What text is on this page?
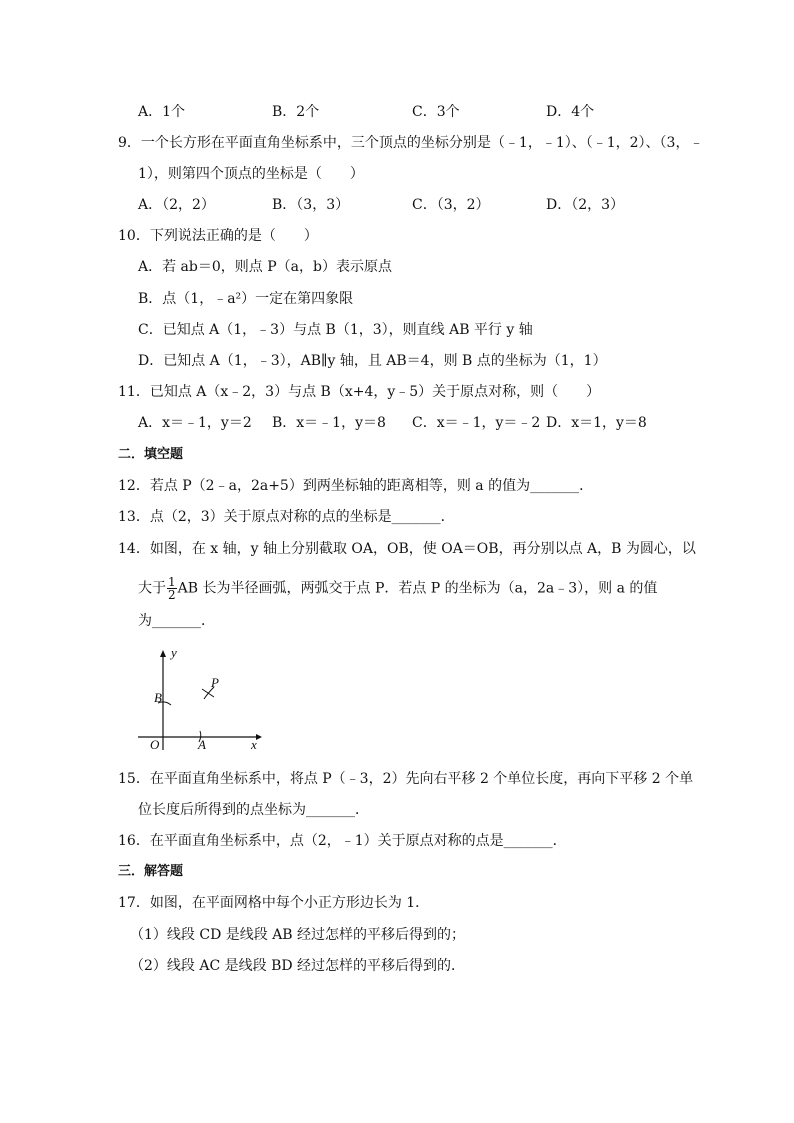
A．1个	B．2个	C．3个	D．4个
9．一个长方形在平面直角坐标系中，三个顶点的坐标分别是（﹣1，﹣1）、（﹣1，2）、（3，﹣
1），则第四个顶点的坐标是（　　）
A．（2，2）	B．（3，3）	C．（3，2）	D．（2，3）
10．下列说法正确的是（　　）
A．若 ab＝0，则点 P（a，b）表示原点
B．点（1，﹣a²）一定在第四象限
C．已知点 A（1，﹣3）与点 B（1，3），则直线 AB 平行 y 轴
D．已知点 A（1，﹣3），AB∥y 轴，且 AB＝4，则 B 点的坐标为（1，1）
11．已知点 A（x﹣2，3）与点 B（x+4，y﹣5）关于原点对称，则（　　）
A．x＝﹣1，y＝2 B．x＝﹣1，y＝8 C．x＝﹣1，y＝﹣2 D．x＝1，y＝8
二．填空题
12．若点 P（2﹣a，2a+5）到两坐标轴的距离相等，则 a 的值为_______．
13．点（2，3）关于原点对称的点的坐标是_______．
14．如图，在 x 轴，y 轴上分别截取 OA，OB，使 OA＝OB，再分别以点 A，B 为圆心，以
大于 $\frac{1}{2}$ AB 长为半径画弧，两弧交于点 P．若点 P 的坐标为（a，2a﹣3），则 a 的值
为_______．
y
P
B
O	A	x
15．在平面直角坐标系中，将点 P（﹣3，2）先向右平移 2 个单位长度，再向下平移 2 个单
位长度后所得到的点坐标为_______．
16．在平面直角坐标系中，点（2，﹣1）关于原点对称的点是_______．
三．解答题
17．如图，在平面网格中每个小正方形边长为 1．
（1）线段 CD 是线段 AB 经过怎样的平移后得到的；
（2）线段 AC 是线段 BD 经过怎样的平移后得到的．
